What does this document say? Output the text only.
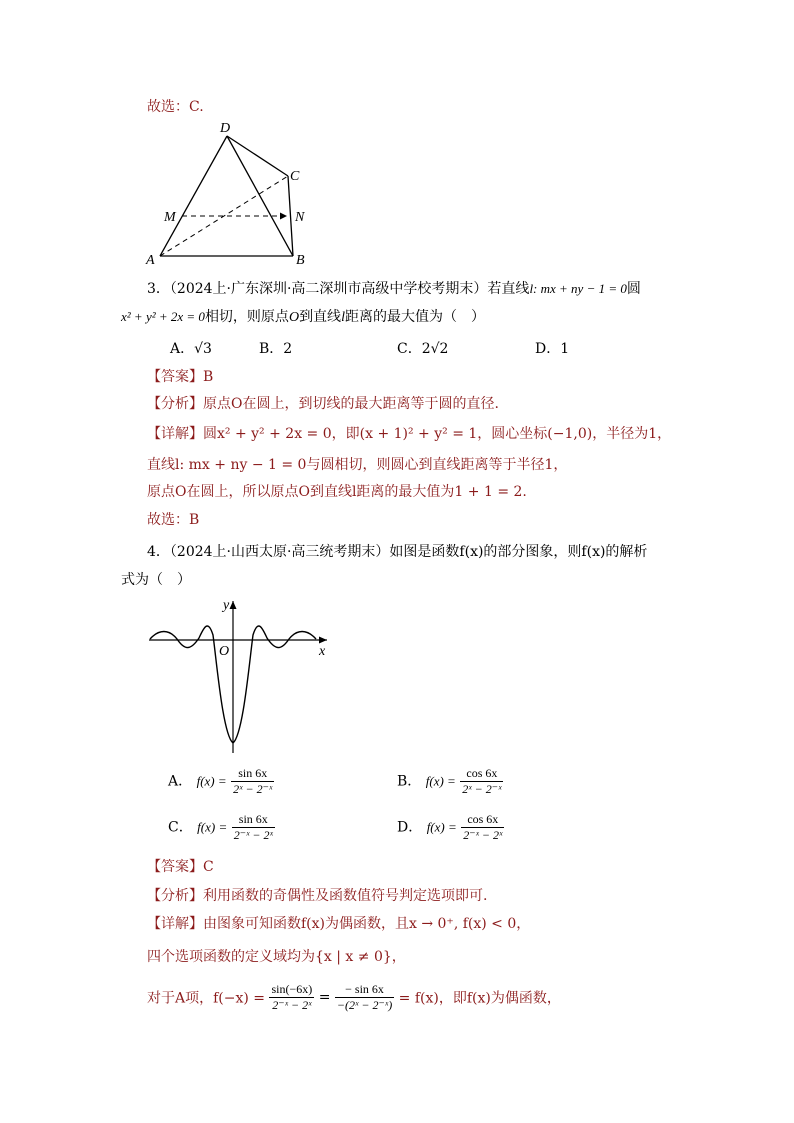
故选：C.
D
C
M	N
A	B
3．（2024上·广东深圳·高二深圳市高级中学校考期末）若直线l: mx + ny − 1 = 0圆
x² + y² + 2x = 0相切，则原点O到直线l距离的最大值为（　）
A．√3	B．2	C．2√2	D．1
【答案】B
【分析】原点O在圆上，到切线的最大距离等于圆的直径.
【详解】圆x² + y² + 2x = 0，即(x + 1)² + y² = 1，圆心坐标(−1,0)，半径为1，
直线l: mx + ny − 1 = 0与圆相切，则圆心到直线距离等于半径1，
原点O在圆上，所以原点O到直线l距离的最大值为1 + 1 = 2.
故选：B
4．（2024上·山西太原·高三统考期末）如图是函数f(x)的部分图象，则f(x)的解析
式为（　）
y
x
O
A． $f(x) = \frac{\sin 6x}{\text{2ˣ − 2⁻ˣ}}$	B． $f(x) = \frac{\cos 6x}{\text{2ˣ − 2⁻ˣ}}$
C． $f(x) = \frac{\sin 6x}{\text{2⁻ˣ − 2ˣ}}$	D． $f(x) = \frac{\cos 6x}{\text{2⁻ˣ − 2ˣ}}$
【答案】C
【分析】利用函数的奇偶性及函数值符号判定选项即可.
【详解】由图象可知函数f(x)为偶函数，且x → 0⁺, f(x) < 0，
四个选项函数的定义域均为{x | x ≠ 0}，
对于A项，$f(-x) = \frac{\sin(-6x)}{\text{2⁻ˣ − 2ˣ}} = \frac{- \sin 6x}{\text{−(2ˣ − 2⁻ˣ)}} = f(x)$，即f(x)为偶函数，
